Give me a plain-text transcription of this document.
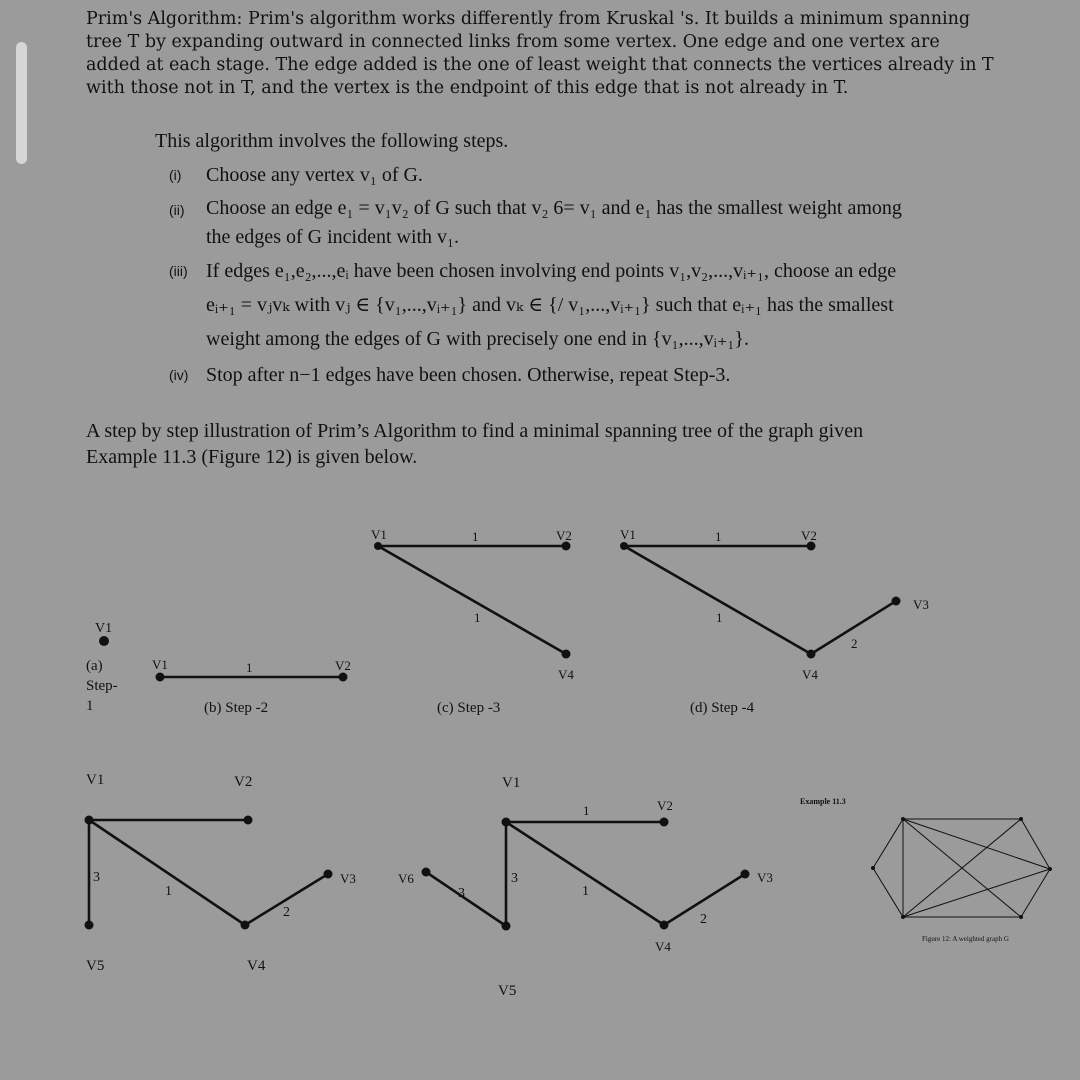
Prim's Algorithm: Prim's algorithm works differently from Kruskal 's. It builds a minimum spanning
tree T by expanding outward in connected links from some vertex. One edge and one vertex are
added at each stage. The edge added is the one of least weight that connects the vertices already in T
with those not in T, and the vertex is the endpoint of this edge that is not already in T.
This algorithm involves the following steps.
(i) Choose any vertex v₁ of G.
(ii) Choose an edge e₁ = v₁v₂ of G such that v₂ 6= v₁ and e₁ has the smallest weight among
the edges of G incident with v₁.
(iii) If edges e₁,e₂,...,eᵢ have been chosen involving end points v₁,v₂,...,vᵢ₊₁, choose an edge
eᵢ₊₁ = vⱼvₖ with vⱼ ∈ {v₁,...,vᵢ₊₁} and vₖ ∈ {/ v₁,...,vᵢ₊₁} such that eᵢ₊₁ has the smallest
weight among the edges of G with precisely one end in {v₁,...,vᵢ₊₁}.
(iv) Stop after n−1 edges have been chosen. Otherwise, repeat Step-3.
A step by step illustration of Prim’s Algorithm to find a minimal spanning tree of the graph given
Example 11.3 (Figure 12) is given below.
V1
(a)
Step-
1
V1	V2
1
(b) Step -2
V1	V2
V4
1
1
(c) Step -3
V1	V2
V3
V4
1
1
2
(d) Step -4
V1	V2
V3
V4
V5
3
1
2
V1
V2
V3
V4
V5
V6
1
1
2
3
3
Example 11.3
Figure 12: A weighted graph G
